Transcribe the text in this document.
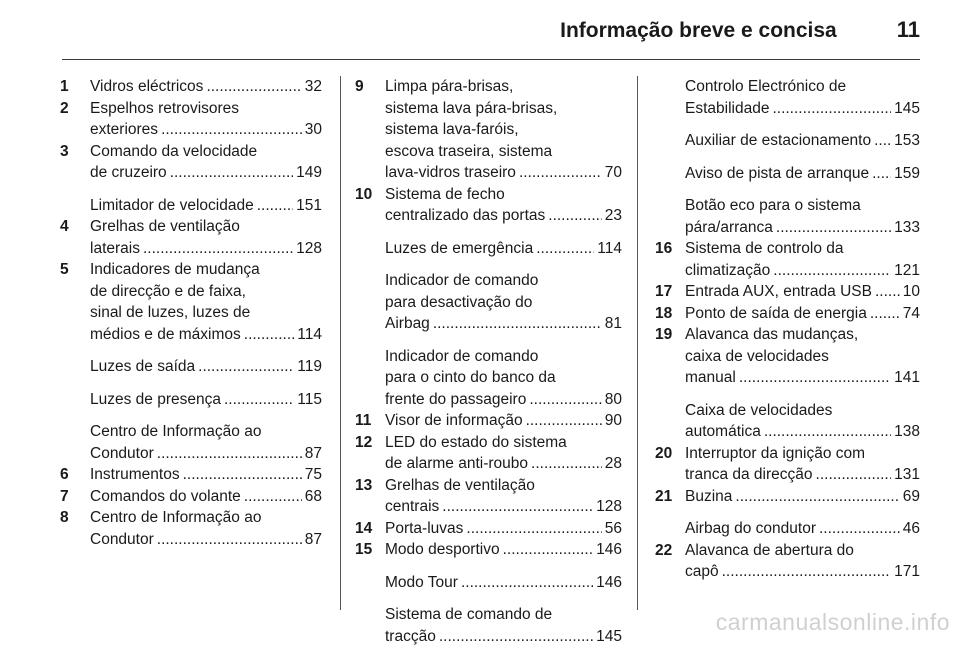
Informação breve e concisa	11
1 Vidros eléctricos .....	32
2 Espelhos retrovisores
exteriores .....	30
3 Comando da velocidade
de cruzeiro .....	149
Limitador de velocidade .....	151
4 Grelhas de ventilação
laterais .....	128
5 Indicadores de mudança
de direcção e de faixa,
sinal de luzes, luzes de
médios e de máximos .....	114
Luzes de saída .....	119
Luzes de presença .....	115
Centro de Informação ao
Condutor .....	87
6 Instrumentos .....	75
7 Comandos do volante .....	68
8 Centro de Informação ao
Condutor .....	87
9 Limpa pára-brisas,
sistema lava pára-brisas,
sistema lava-faróis,
escova traseira, sistema
lava-vidros traseiro .....	70
10 Sistema de fecho
centralizado das portas .....	23
Luzes de emergência .....	114
Indicador de comando
para desactivação do
Airbag .....	81
Indicador de comando
para o cinto do banco da
frente do passageiro .....	80
11 Visor de informação .....	90
12 LED do estado do sistema
de alarme anti-roubo .....	28
13 Grelhas de ventilação
centrais .....	128
14 Porta-luvas .....	56
15 Modo desportivo .....	146
Modo Tour .....	146
Sistema de comando de
tracção .....	145
Controlo Electrónico de
Estabilidade .....	145
Auxiliar de estacionamento ..... 153
Aviso de pista de arranque ..... 159
Botão eco para o sistema
pára/arranca .....	133
16 Sistema de controlo da
climatização .....	121
17 Entrada AUX, entrada USB ..... 10
18 Ponto de saída de energia ..... 74
19 Alavanca das mudanças,
caixa de velocidades
manual .....	141
Caixa de velocidades
automática .....	138
20 Interruptor da ignição com
tranca da direcção .....	131
21 Buzina .....	69
Airbag do condutor .....	46
22 Alavanca de abertura do
capô .....	171
carmanualsonline.info
